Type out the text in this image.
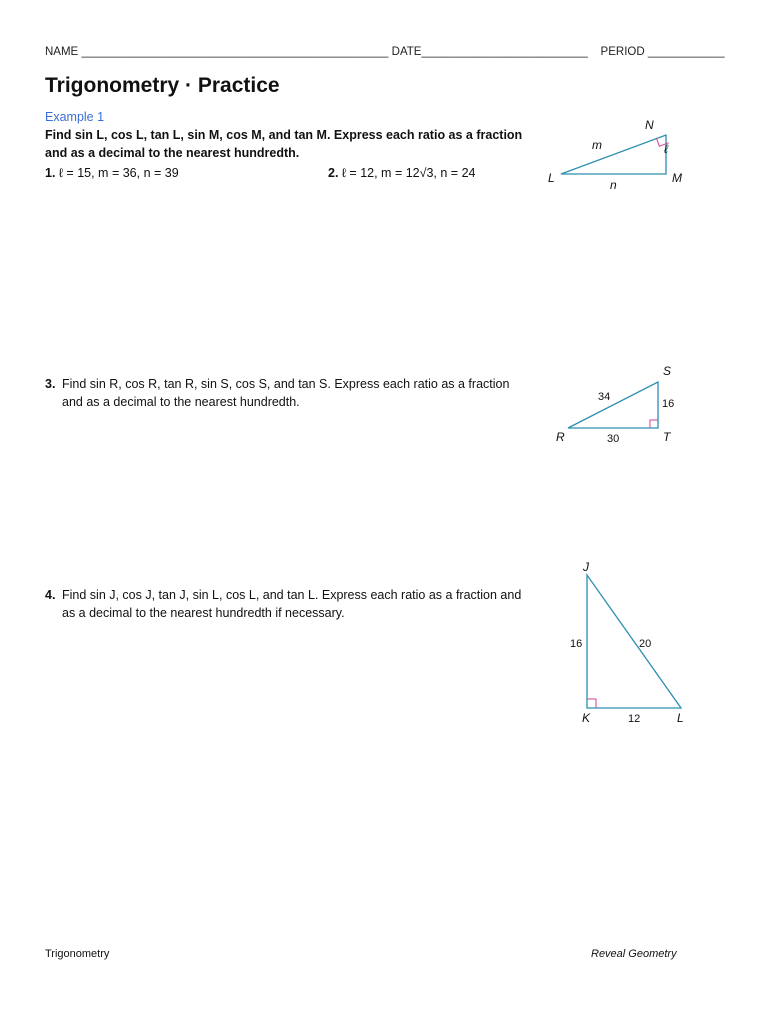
NAME ________________________________________________ DATE__________________________ PERIOD ____________
Trigonometry · Practice
Example 1
Find sin L, cos L, tan L, sin M, cos M, and tan M. Express each ratio as a fraction and as a decimal to the nearest hundredth.
1. ℓ = 15, m = 36, n = 39	2. ℓ = 12, m = 12√3, n = 24
3. Find sin R, cos R, tan R, sin S, cos S, and tan S. Express each ratio as a fraction and as a decimal to the nearest hundredth.
4. Find sin J, cos J, tan J, sin L, cos L, and tan L. Express each ratio as a fraction and as a decimal to the nearest hundredth if necessary.
N
L	M
m	ℓ
n
S
R	T
34
16
30
J
K	L
16	20
12
Trigonometry	Reveal Geometry
